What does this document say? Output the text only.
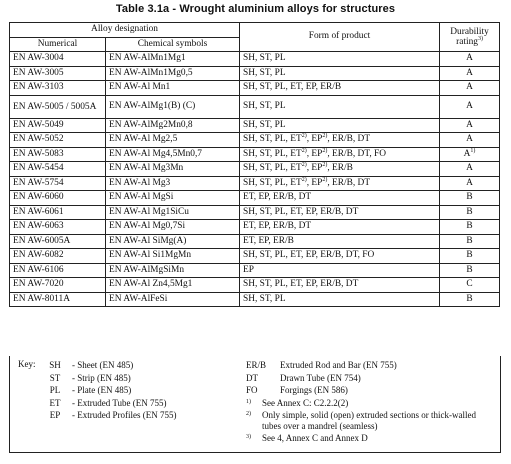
Table 3.1a - Wrought aluminium alloys for structures
Alloy designation		Form of product	Durability
rating$^{3)}$
Numerical	Chemical symbols		
EN AW-3004	EN AW-AlMn1Mg1	SH, ST, PL	A
EN AW-3005	EN AW-AlMn1Mg0,5	SH, ST, PL	A
EN AW-3103	EN AW-Al Mn1	SH, ST, PL, ET, EP, ER/B	A
EN AW-5005 / 5005A	EN AW-AlMg1(B) (C)	SH, ST, PL	A
EN AW-5049	EN AW-AlMg2Mn0,8	SH, ST, PL	A
EN AW-5052	EN AW-Al Mg2,5	SH, ST, PL, ET$^{2)}$, EP$^{2)}$, ER/B, DT	A
EN AW-5083	EN AW-Al Mg4,5Mn0,7	SH, ST, PL, ET$^{2)}$, EP$^{2)}$, ER/B, DT, FO	$A^{1)}$
EN AW-5454	EN AW-Al Mg3Mn	SH, ST, PL, ET$^{2)}$, EP$^{2)}$, ER/B	A
EN AW-5754	EN AW-Al Mg3	SH, ST, PL, ET$^{2)}$, EP$^{2)}$, ER/B, DT	A
EN AW-6060	EN AW-Al MgSi	ET, EP, ER/B, DT	B
EN AW-6061	EN AW-Al Mg1SiCu	SH, ST, PL, ET, EP, ER/B, DT	B
EN AW-6063	EN AW-Al Mg0,7Si	ET, EP, ER/B, DT	B
EN AW-6005A	EN AW-Al SiMg(A)	ET, EP, ER/B	B
EN AW-6082	EN AW-Al Si1MgMn	SH, ST, PL, ET, EP, ER/B, DT, FO	B
EN AW-6106	EN AW-AlMgSiMn	EP	B
EN AW-7020	EN AW-Al Zn4,5Mg1	SH, ST, PL, ET, EP, ER/B, DT	C
EN AW-8011A	EN AW-AlFeSi	SH, ST, PL	B
Key:	SH- Sheet (EN 485)
ST- Strip (EN 485)
PL- Plate (EN 485)
ET- Extruded Tube (EN 755)
EP- Extruded Profiles (EN 755)
ER/B Extruded Rod and Bar (EN 755)
DT Drawn Tube (EN 754)
FO Forgings (EN 586)
1)	See Annex C: C2.2.2(2)
2)	Only simple, solid (open) extruded sections or thick-walled tubes over a mandrel (seamless)
3)	See 4, Annex C and Annex D
